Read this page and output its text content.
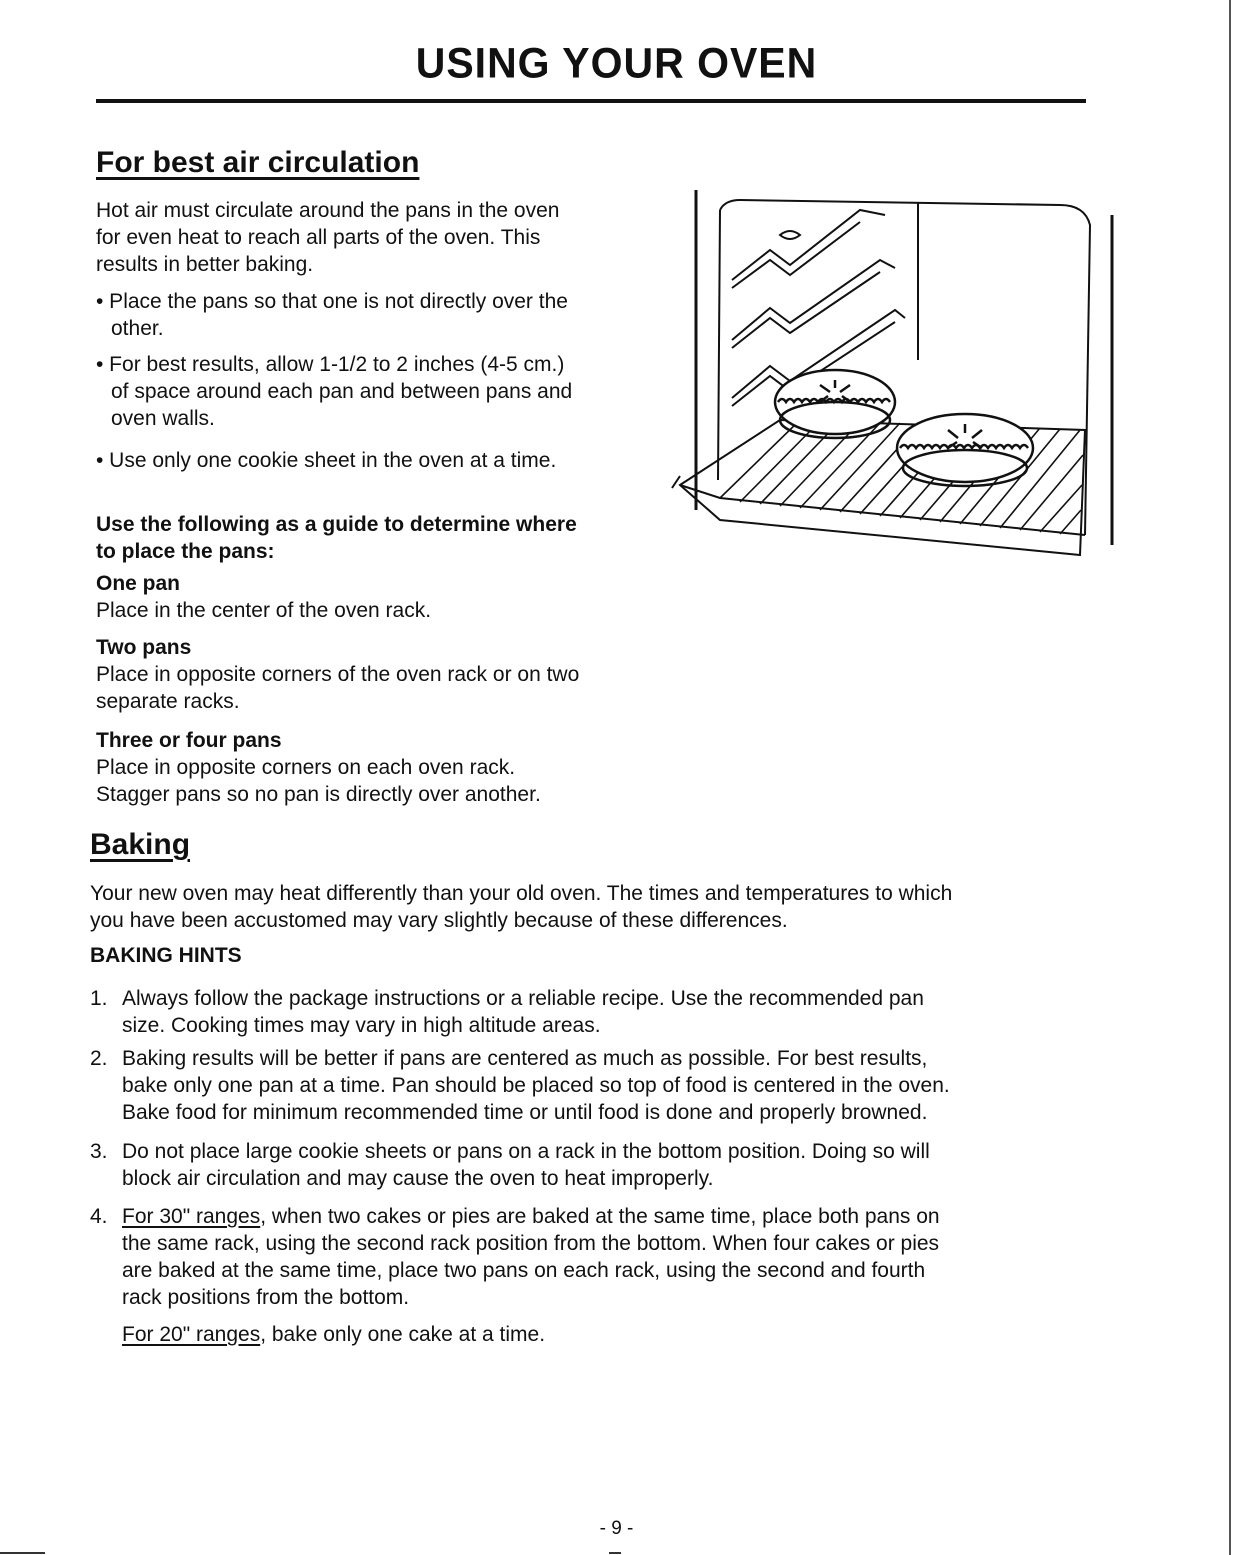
USING YOUR OVEN
For best air circulation
Hot air must circulate around the pans in the oven
for even heat to reach all parts of the oven. This
results in better baking.
• Place the pans so that one is not directly over the
other.
• For best results, allow 1-1/2 to 2 inches (4-5 cm.)
of space around each pan and between pans and
oven walls.
• Use only one cookie sheet in the oven at a time.
Use the following as a guide to determine where
to place the pans:
One pan
Place in the center of the oven rack.
Two pans
Place in opposite corners of the oven rack or on two
separate racks.
Three or four pans
Place in opposite corners on each oven rack.
Stagger pans so no pan is directly over another.
Baking
Your new oven may heat differently than your old oven. The times and temperatures to which
you have been accustomed may vary slightly because of these differences.
BAKING HINTS
1. Always follow the package instructions or a reliable recipe. Use the recommended pan
size. Cooking times may vary in high altitude areas.
2. Baking results will be better if pans are centered as much as possible. For best results,
bake only one pan at a time. Pan should be placed so top of food is centered in the oven.
Bake food for minimum recommended time or until food is done and properly browned.
3. Do not place large cookie sheets or pans on a rack in the bottom position. Doing so will
block air circulation and may cause the oven to heat improperly.
4. For 30" ranges, when two cakes or pies are baked at the same time, place both pans on
the same rack, using the second rack position from the bottom. When four cakes or pies
are baked at the same time, place two pans on each rack, using the second and fourth
rack positions from the bottom.
For 20" ranges, bake only one cake at a time.
- 9 -
